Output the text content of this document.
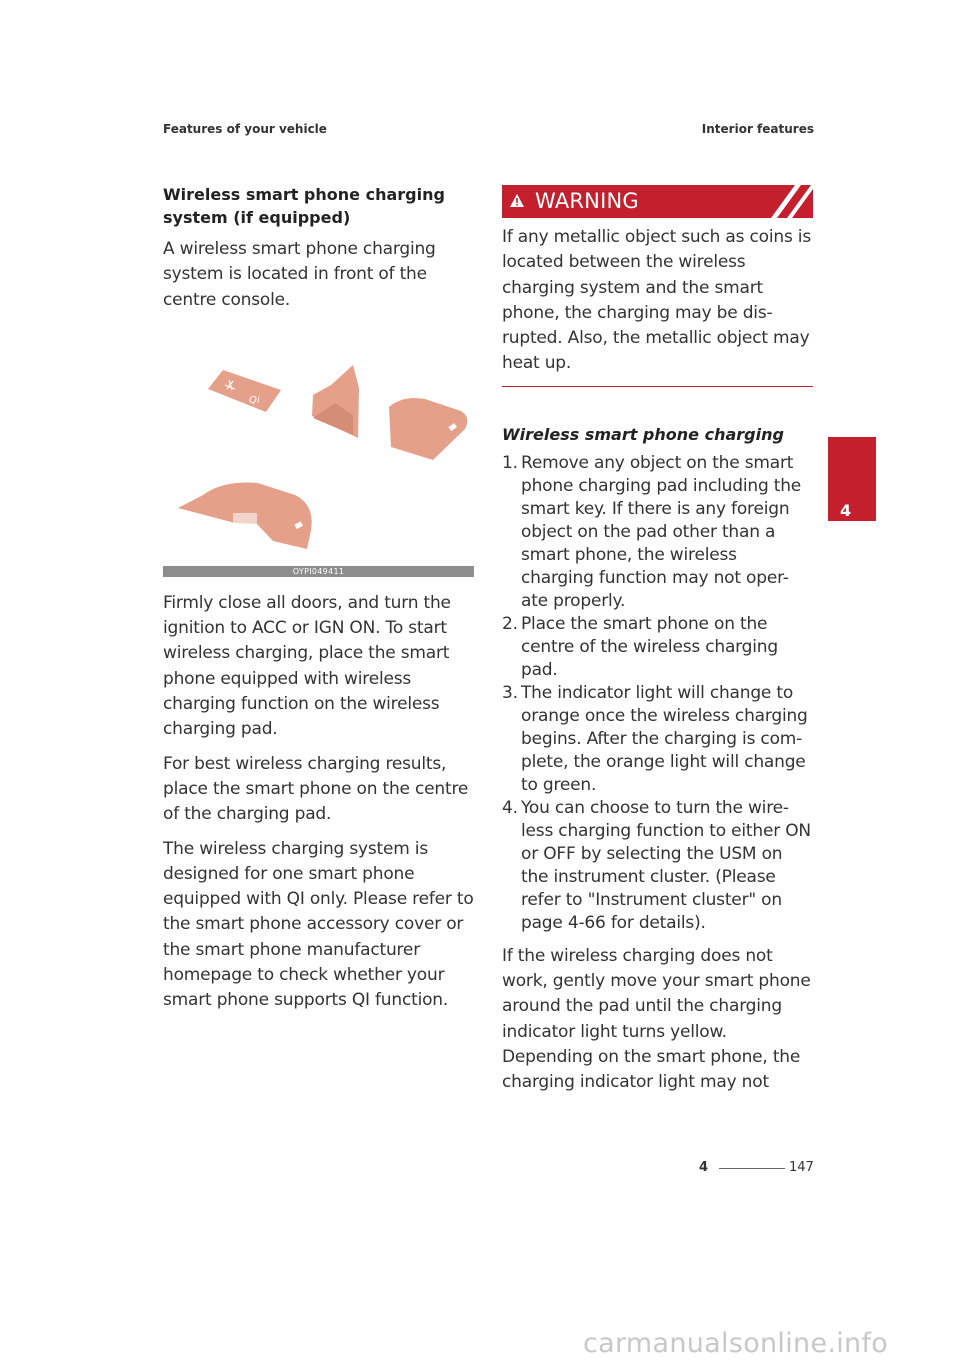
Features of your vehicle	Interior features
Wireless smart phone charging system (if equipped)

A wireless smart phone charging system is located in front of the centre console.

Qi
OYPI049411

Firmly close all doors, and turn the ignition to ACC or IGN ON. To start wireless charging, place the smart phone equipped with wireless charging function on the wireless charging pad.

For best wireless charging results, place the smart phone on the centre of the charging pad.

The wireless charging system is designed for one smart phone equipped with QI only. Please refer to the smart phone accessory cover or the smart phone manufacturer homepage to check whether your smart phone supports QI function.

WARNING

If any metallic object such as coins is located between the wireless charging system and the smart phone, the charging may be dis-rupted. Also, the metallic object may heat up.

Wireless smart phone charging
1. Remove any object on the smart phone charging pad including the smart key. If there is any foreign object on the pad other than a smart phone, the wireless charging function may not oper-ate properly.
2. Place the smart phone on the centre of the wireless charging pad.
3. The indicator light will change to orange once the wireless charging begins. After the charging is com-plete, the orange light will change to green.
4. You can choose to turn the wire-less charging function to either ON or OFF by selecting the USM on the instrument cluster. (Please refer to "Instrument cluster" on page 4-66 for details).

If the wireless charging does not work, gently move your smart phone around the pad until the charging indicator light turns yellow. Depending on the smart phone, the charging indicator light may not

4
4	147
carmanualsonline.info
